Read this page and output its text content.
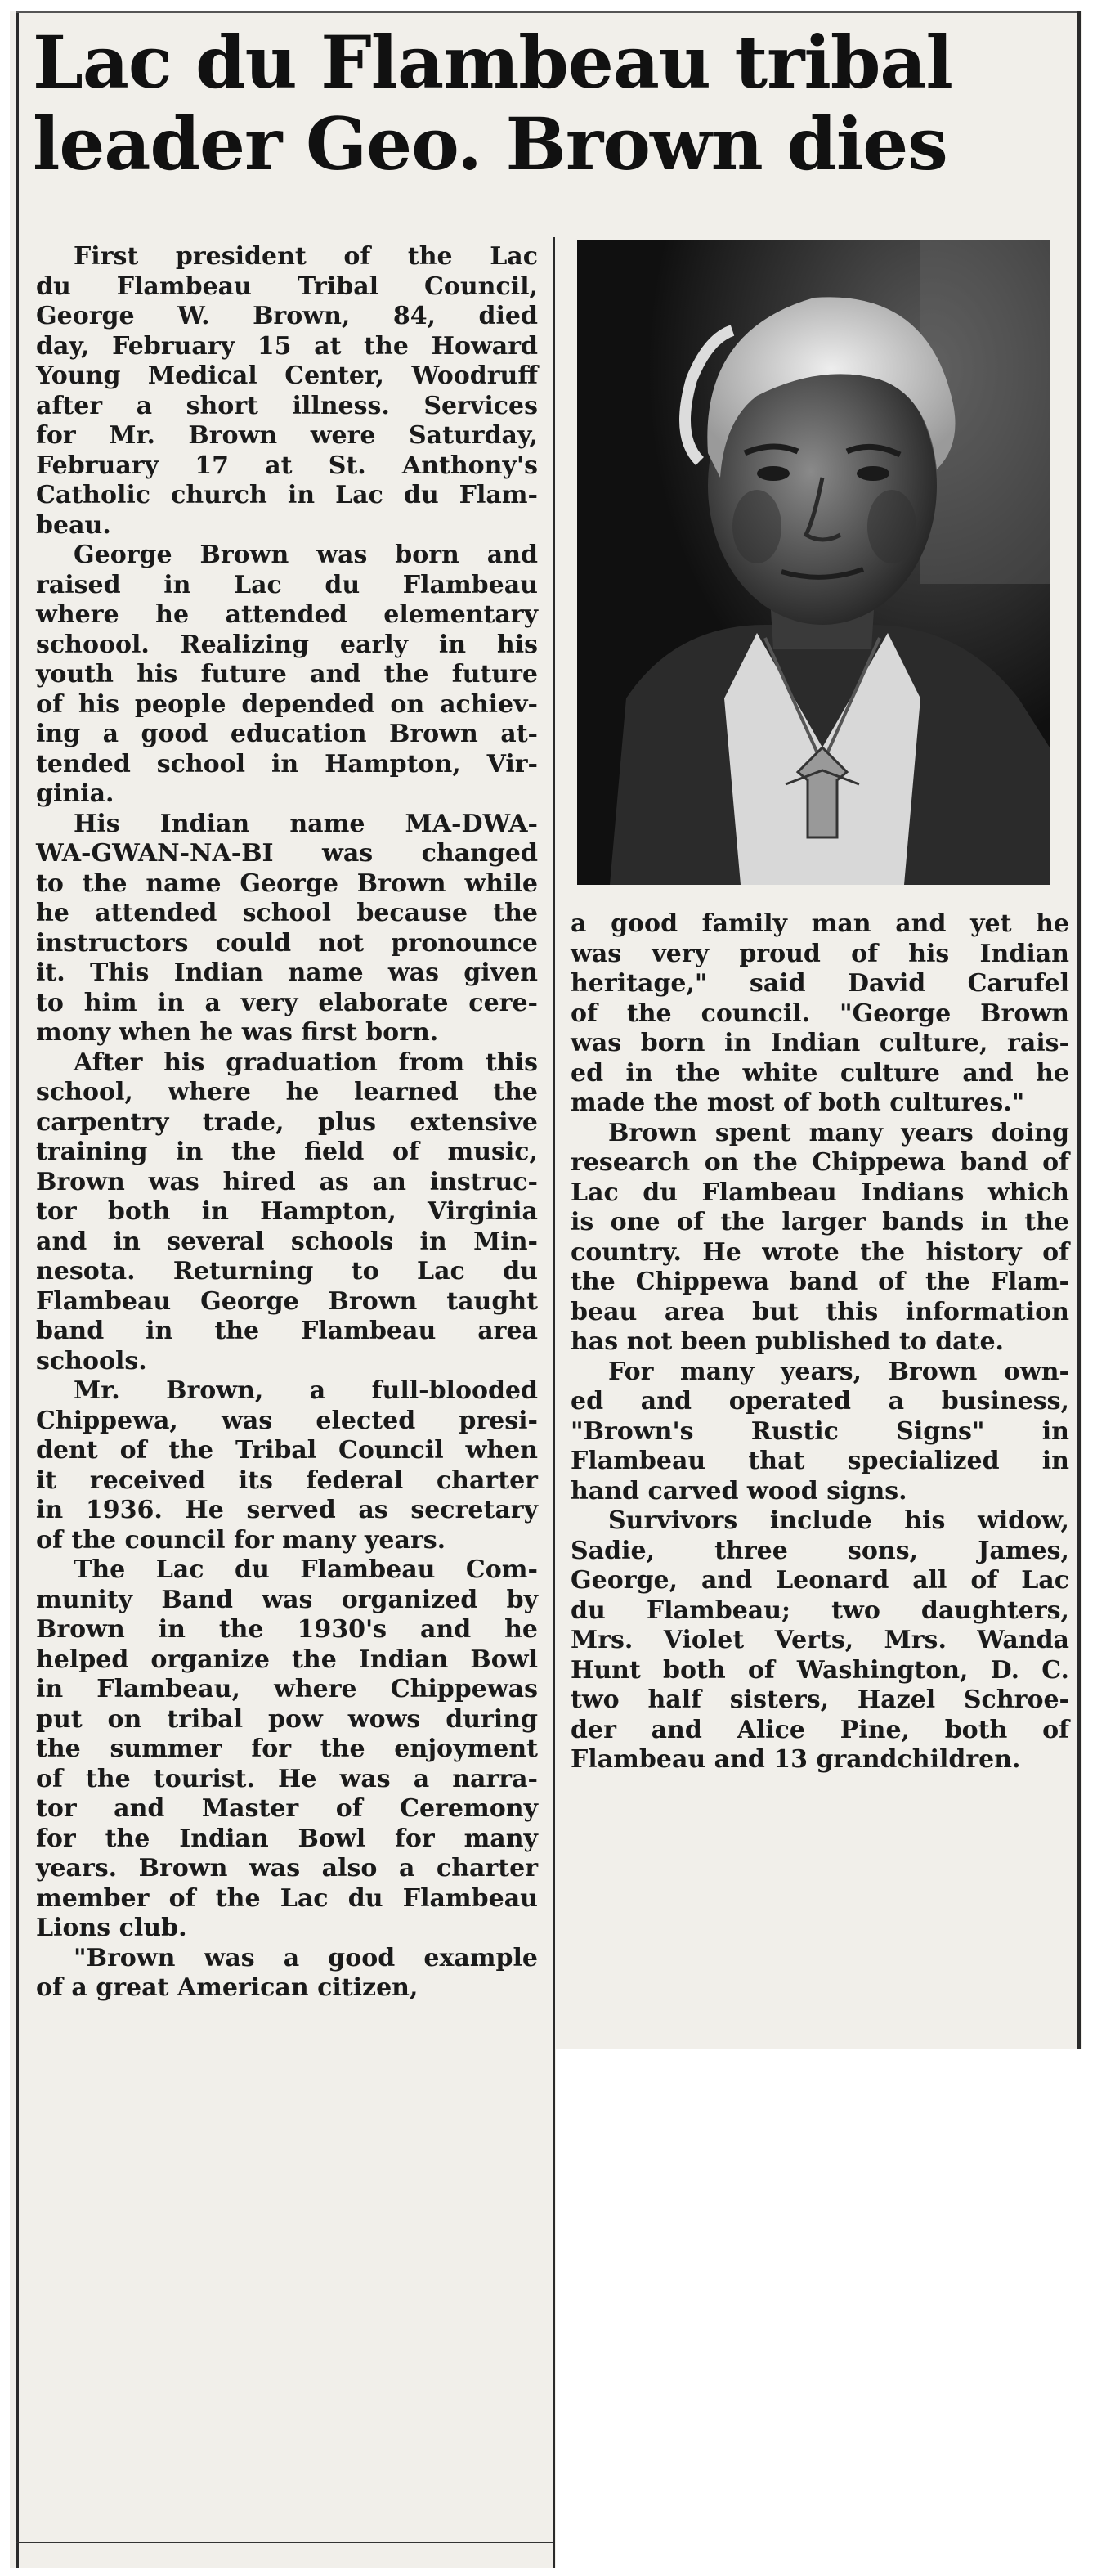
Lac du Flambeau tribal
leader Geo. Brown dies

First president of the Lac
du Flambeau Tribal Council,
George W. Brown, 84, died
day, February 15 at the Howard
Young Medical Center, Woodruff
after a short illness. Services
for Mr. Brown were Saturday,
February 17 at St. Anthony's
Catholic church in Lac du Flam-
beau.

George Brown was born and
raised in Lac du Flambeau
where he attended elementary
schoool. Realizing early in his
youth his future and the future
of his people depended on achiev-
ing a good education Brown at-
tended school in Hampton, Vir-
ginia.

His Indian name MA-DWA-
WA-GWAN-NA-BI was changed
to the name George Brown while
he attended school because the
instructors could not pronounce
it. This Indian name was given
to him in a very elaborate cere-
mony when he was first born.

After his graduation from this
school, where he learned the
carpentry trade, plus extensive
training in the field of music,
Brown was hired as an instruc-
tor both in Hampton, Virginia
and in several schools in Min-
nesota. Returning to Lac du
Flambeau George Brown taught
band in the Flambeau area
schools.

Mr. Brown, a full-blooded
Chippewa, was elected presi-
dent of the Tribal Council when
it received its federal charter
in 1936. He served as secretary
of the council for many years.

The Lac du Flambeau Com-
munity Band was organized by
Brown in the 1930's and he
helped organize the Indian Bowl
in Flambeau, where Chippewas
put on tribal pow wows during
the summer for the enjoyment
of the tourist. He was a narra-
tor and Master of Ceremony
for the Indian Bowl for many
years. Brown was also a charter
member of the Lac du Flambeau
Lions club.

"Brown was a good example
of a great American citizen,

a good family man and yet he
was very proud of his Indian
heritage," said David Carufel
of the council. "George Brown
was born in Indian culture, rais-
ed in the white culture and he
made the most of both cultures."

Brown spent many years doing
research on the Chippewa band of
Lac du Flambeau Indians which
is one of the larger bands in the
country. He wrote the history of
the Chippewa band of the Flam-
beau area but this information
has not been published to date.

For many years, Brown own-
ed and operated a business,
"Brown's Rustic Signs" in
Flambeau that specialized in
hand carved wood signs.

Survivors include his widow,
Sadie, three sons, James,
George, and Leonard all of Lac
du Flambeau; two daughters,
Mrs. Violet Verts, Mrs. Wanda
Hunt both of Washington, D. C.
two half sisters, Hazel Schroe-
der and Alice Pine, both of
Flambeau and 13 grandchildren.
